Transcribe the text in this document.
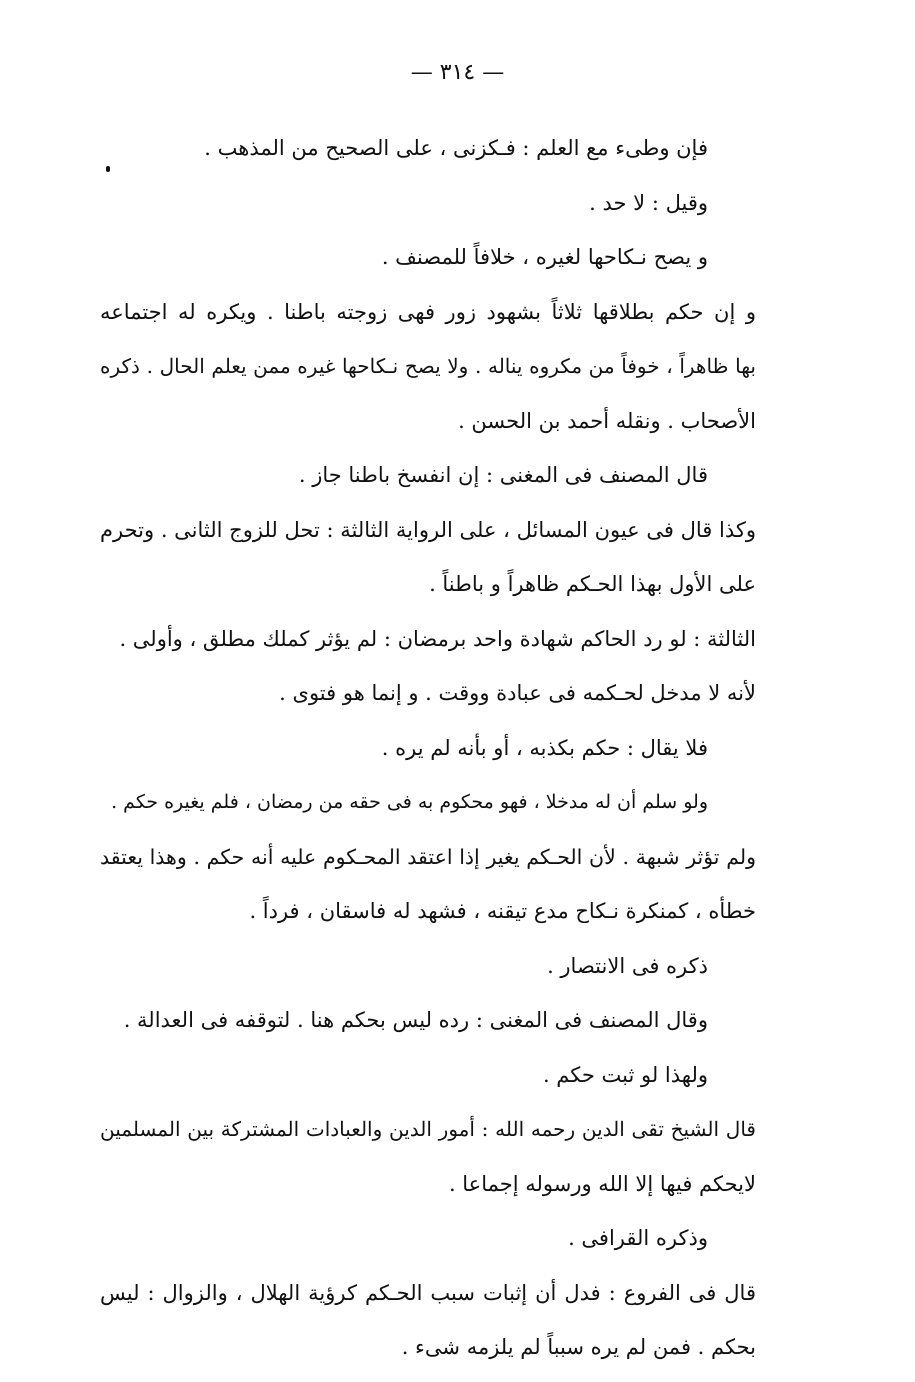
— ٣١٤ —
فإن وطىء مع العلم : فـكزنى ، على الصحيح من المذهب .
وقيل : لا حد .
و يصح نـكاحها لغيره ، خلافاً للمصنف .
و إن حكم بطلاقها ثلاثاً بشهود زور فهى زوجته باطنا . ويكره له اجتماعه
بها ظاهراً ، خوفاً من مكروه يناله . ولا يصح نـكاحها غيره ممن يعلم الحال . ذكره
الأصحاب . ونقله أحمد بن الحسن .
قال المصنف فى المغنى : إن انفسخ باطنا جاز .
وكذا قال فى عيون المسائل ، على الرواية الثالثة : تحل للزوج الثانى . وتحرم
على الأول بهذا الحـكم ظاهراً و باطناً .
الثالثة : لو رد الحاكم شهادة واحد برمضان : لم يؤثر كملك مطلق ، وأولى .
لأنه لا مدخل لحـكمه فى عبادة ووقت . و إنما هو فتوى .
فلا يقال : حكم بكذبه ، أو بأنه لم يره .
ولو سلم أن له مدخلا ، فهو محكوم به فى حقه من رمضان ، فلم يغيره حكم .
ولم تؤثر شبهة . لأن الحـكم يغير إذا اعتقد المحـكوم عليه أنه حكم . وهذا يعتقد
خطأه ، كمنكرة نـكاح مدع تيقنه ، فشهد له فاسقان ، فرداً .
ذكره فى الانتصار .
وقال المصنف فى المغنى : رده ليس بحكم هنا . لتوقفه فى العدالة .
ولهذا لو ثبت حكم .
قال الشيخ تقى الدين رحمه الله : أمور الدين والعبادات المشتركة بين المسلمين
لايحكم فيها إلا الله ورسوله إجماعا .
وذكره القرافى .
قال فى الفروع : فدل أن إثبات سبب الحـكم كرؤية الهلال ، والزوال : ليس
بحكم . فمن لم يره سبباً لم يلزمه شىء .
